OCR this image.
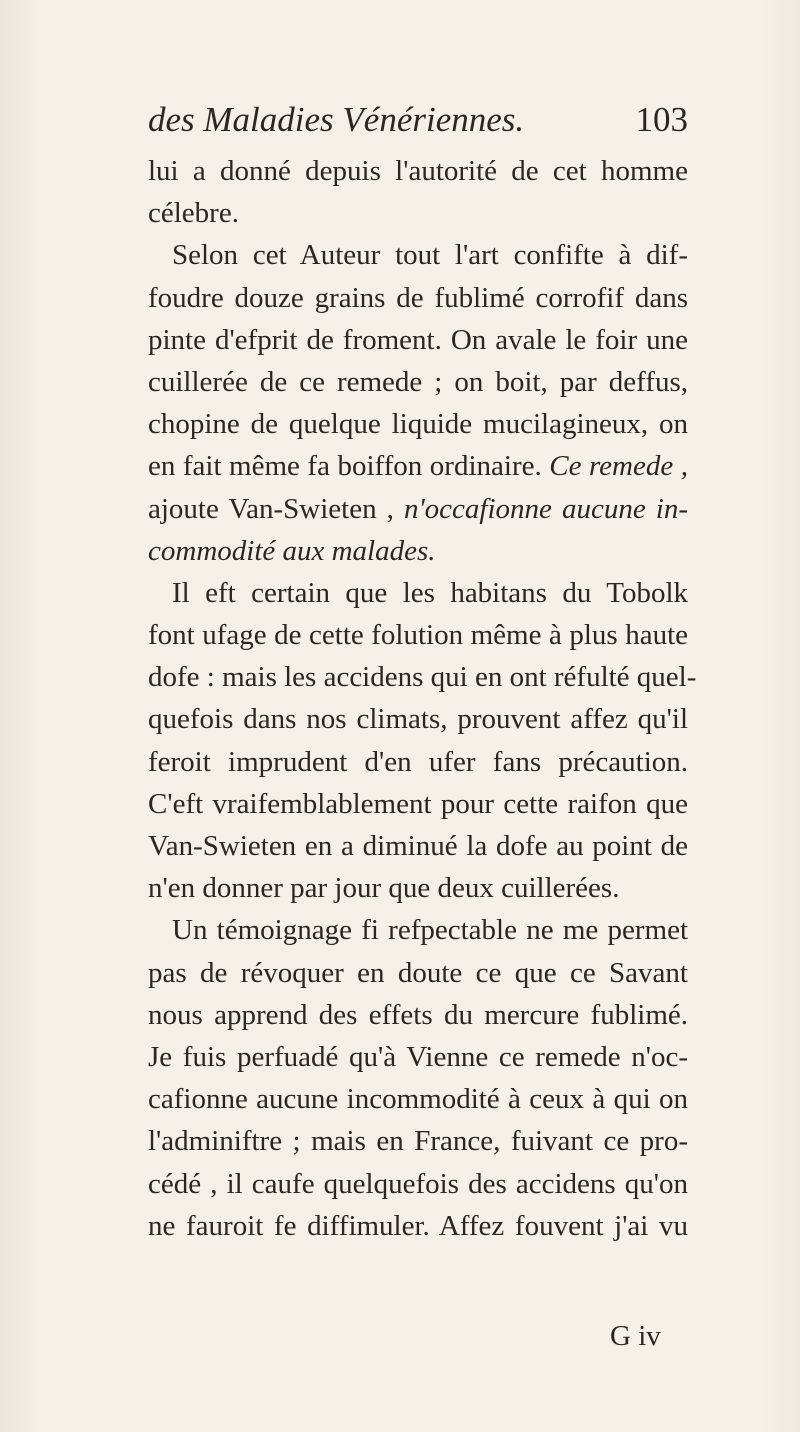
des Maladies Vénériennes.	103
lui a donné depuis l'autorité de cet homme
célebre.
Selon cet Auteur tout l'art confifte à dif-
foudre douze grains de fublimé corrofif dans
pinte d'efprit de froment. On avale le foir une
cuillerée de ce remede ; on boit, par deffus,
chopine de quelque liquide mucilagineux, on
en fait même fa boiffon ordinaire. Ce remede ,
ajoute Van-Swieten , n'occafionne aucune in-
commodité aux malades.
Il eft certain que les habitans du Tobolk
font ufage de cette folution même à plus haute
dofe : mais les accidens qui en ont réfulté quel-
quefois dans nos climats, prouvent affez qu'il
feroit imprudent d'en ufer fans précaution.
C'eft vraifemblablement pour cette raifon que
Van-Swieten en a diminué la dofe au point de
n'en donner par jour que deux cuillerées.
Un témoignage fi refpectable ne me permet
pas de révoquer en doute ce que ce Savant
nous apprend des effets du mercure fublimé.
Je fuis perfuadé qu'à Vienne ce remede n'oc-
cafionne aucune incommodité à ceux à qui on
l'adminiftre ; mais en France, fuivant ce pro-
cédé , il caufe quelquefois des accidens qu'on
ne fauroit fe diffimuler. Affez fouvent j'ai vu
G iv
